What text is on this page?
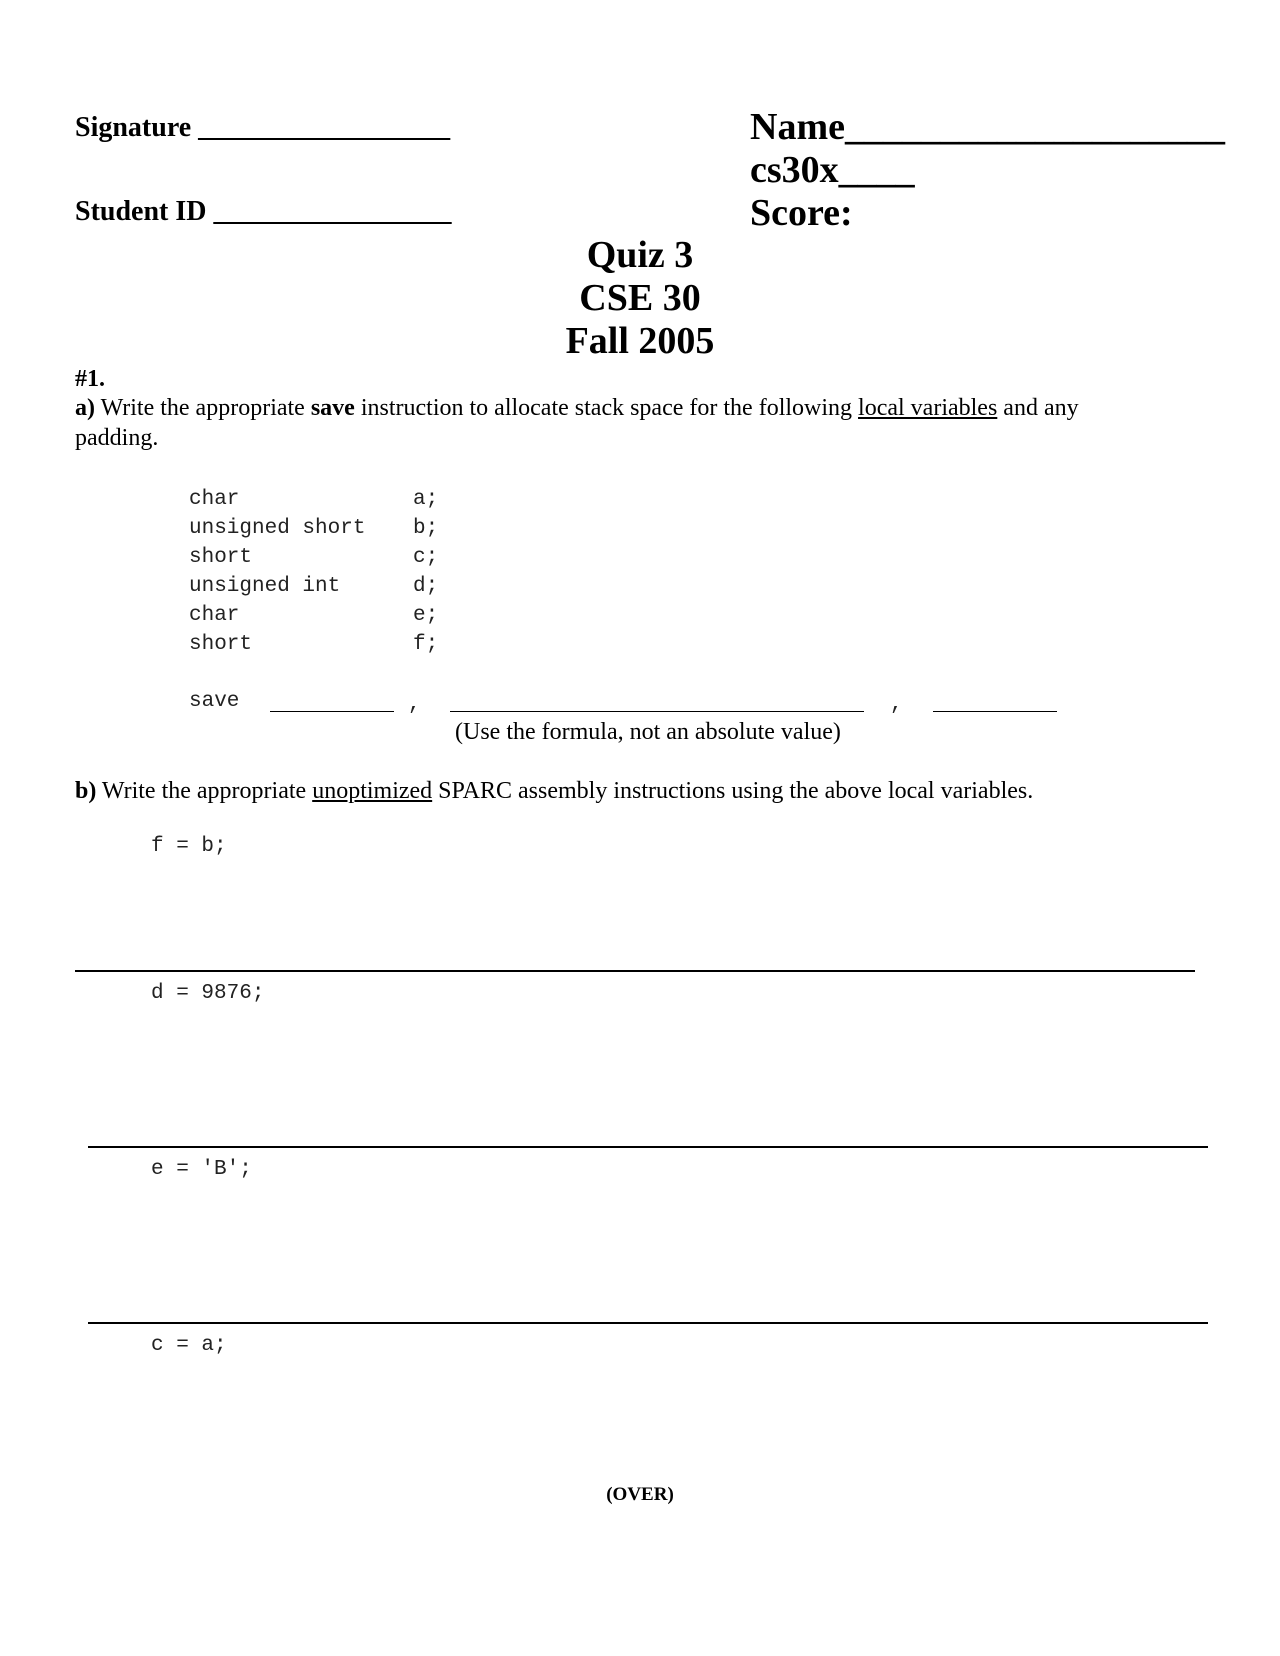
Signature __________________
Student ID _________________
Name____________________
cs30x____
Score:
Quiz 3
CSE 30
Fall 2005
#1.
a) Write the appropriate save instruction to allocate stack space for the following local variables and any
padding.
char	a;
unsigned short b;
short	c;
unsigned int	d;
char	e;
short	f;
save	,	,
(Use the formula, not an absolute value)
b) Write the appropriate unoptimized SPARC assembly instructions using the above local variables.
f = b;
d = 9876;
e = 'B';
c = a;
(OVER)
